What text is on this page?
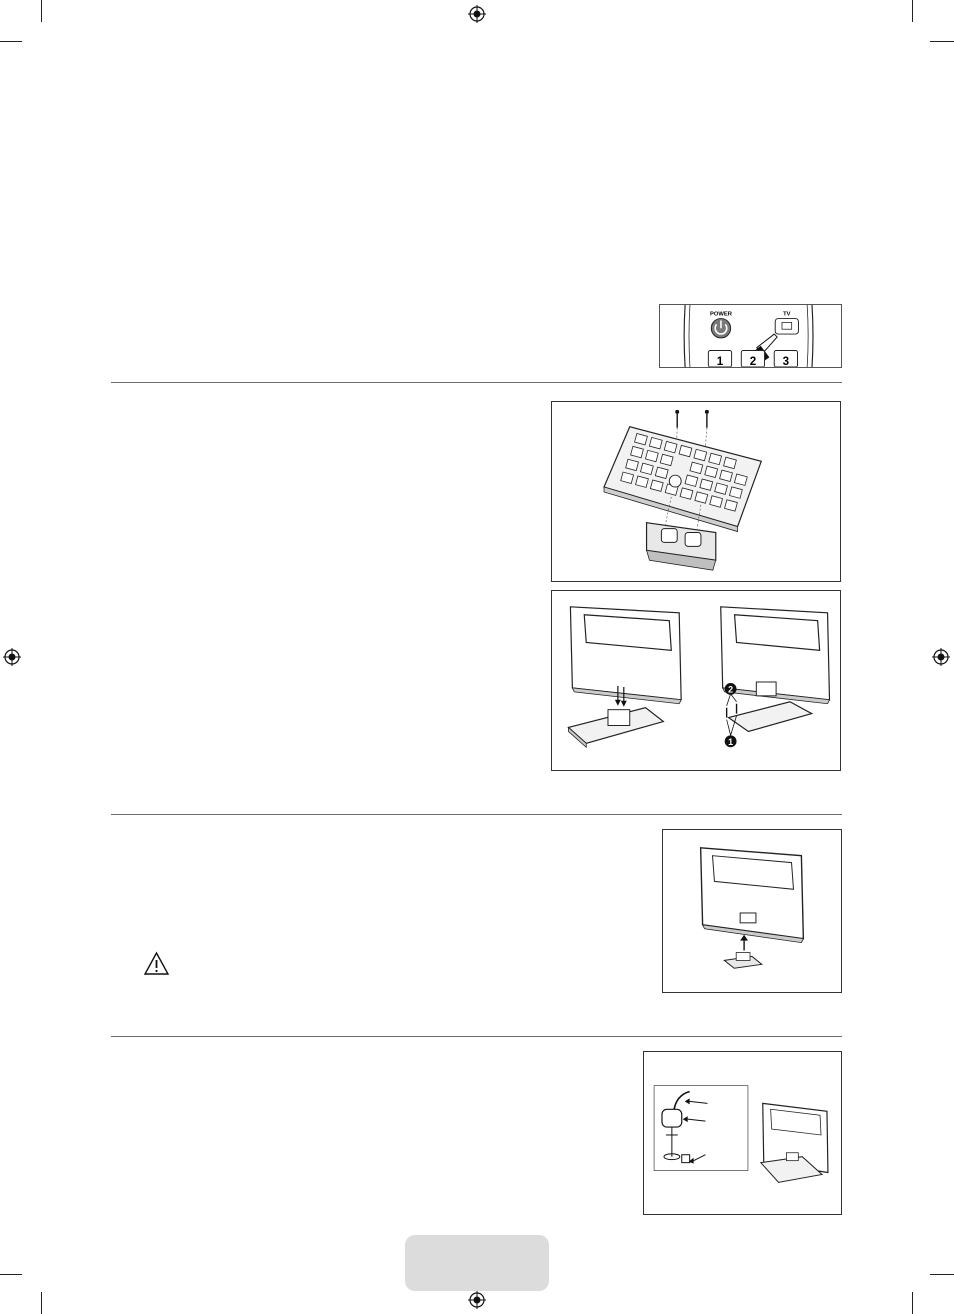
POWER	TV
1 2 3
2
1
